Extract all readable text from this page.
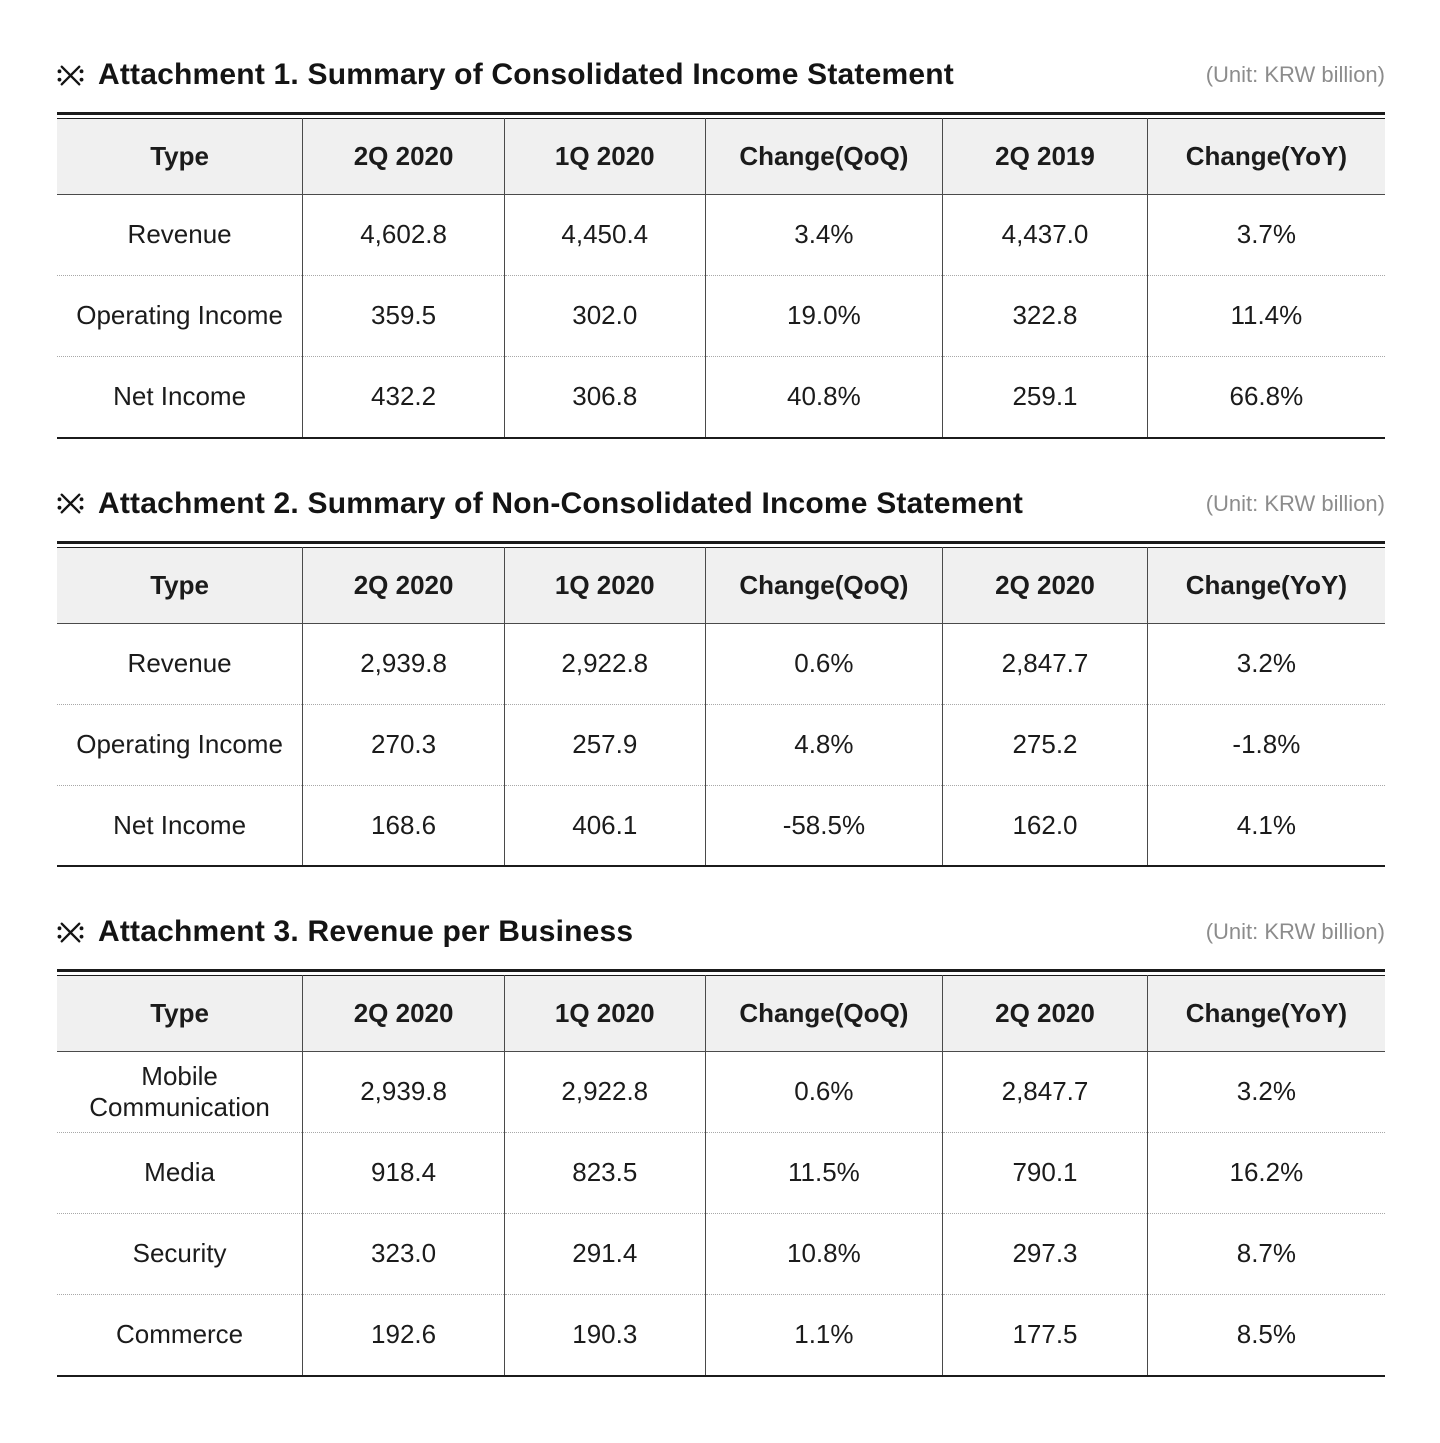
Attachment 1. Summary of Consolidated Income Statement	(Unit: KRW billion)
Type	2Q 2020	1Q 2020	Change(QoQ)	2Q 2019	Change(YoY)
Revenue	4,602.8	4,450.4	3.4%	4,437.0	3.7%
Operating Income	359.5	302.0	19.0%	322.8	11.4%
Net Income	432.2	306.8	40.8%	259.1	66.8%
Attachment 2. Summary of Non-Consolidated Income Statement	(Unit: KRW billion)
Type	2Q 2020	1Q 2020	Change(QoQ)	2Q 2020	Change(YoY)
Revenue	2,939.8	2,922.8	0.6%	2,847.7	3.2%
Operating Income	270.3	257.9	4.8%	275.2	-1.8%
Net Income	168.6	406.1	-58.5%	162.0	4.1%
Attachment 3. Revenue per Business	(Unit: KRW billion)
Type	2Q 2020	1Q 2020	Change(QoQ)	2Q 2020	Change(YoY)
Mobile Communication	2,939.8	2,922.8	0.6%	2,847.7	3.2%
Media	918.4	823.5	11.5%	790.1	16.2%
Security	323.0	291.4	10.8%	297.3	8.7%
Commerce	192.6	190.3	1.1%	177.5	8.5%
